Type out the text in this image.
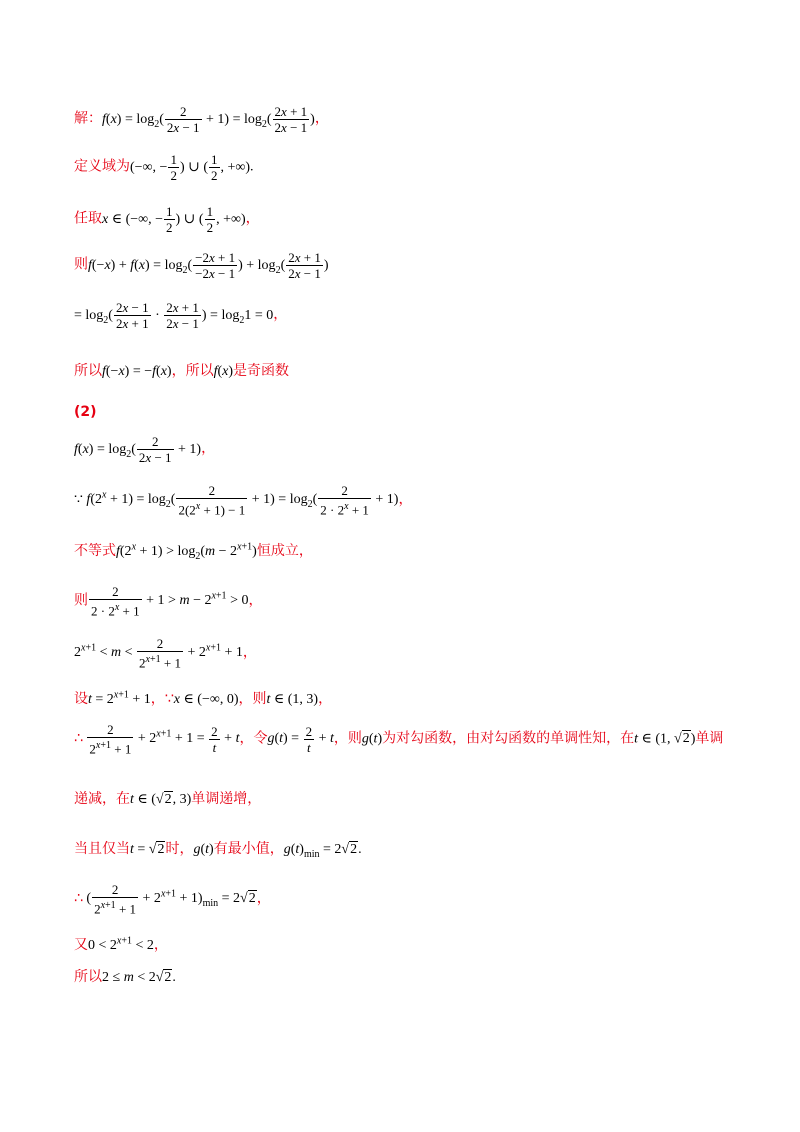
解：$f(x) = \log_2( \frac{2}{2x - 1} + 1) = \log_2( \frac{2x + 1}{2x - 1}$ )，
定义域为(−∞, − $\frac{1}{2}$ ) ∪ ( $\frac{1}{2}$ , +∞).
任取x ∈ (−∞, − $\frac{1}{2}$ ) ∪ ( $\frac{1}{2}$ , +∞)，
则$f(-x) + f(x) = \log_2( \frac{-2x + 1}{-2x - 1}$ ) + $\log_2( \frac{2x + 1}{2x - 1}$ )
= $\log_2( \frac{2x - 1}{2x + 1} \cdot \frac{2x + 1}{2x - 1}$ ) = $\log_21 = 0$，
所以f(−x) = −f(x)，所以f(x)是奇函数
(2)
$f(x) = \log_2( \frac{2}{2x - 1} + 1)$，
∵ $f(2^x + 1) = \log_2( \frac{2}{2(2^x + 1) - 1} + 1) = \log_2( \frac{2}{2 \cdot 2^x + 1} + 1)$，
不等式$f(2^x + 1) > \log_2(m - 2^{x+1})$恒成立，
则 $\frac{2}{2 \cdot 2^x + 1} + 1 > m - 2^{x+1} > 0$，
$2^{x+1} < m < \frac{2}{2^{x+1} + 1} + 2^{x+1} + 1$，
设$t = 2^{x+1} + 1$，∵x ∈ (−∞, 0)，则t ∈ (1, 3)，
∴ $\frac{2}{2^{x+1} + 1} + 2^{x+1} + 1 = \frac{2}{t} + t$，令$g(t) = \frac{2}{t} + t$，则g(t)为对勾函数，由对勾函数的单调性知，在t ∈ (1, √2)单调
递减，在t ∈ (√2, 3)单调递增，
当且仅当t = √2时，g(t)有最小值，$g(t)_{min} = 2√2$.
∴ ( $\frac{2}{2^{x+1} + 1} + 2^{x+1} + 1)_{min} = 2√2$，
又$0 < 2^{x+1} < 2$，
所以2 ≤ m < 2√2.
